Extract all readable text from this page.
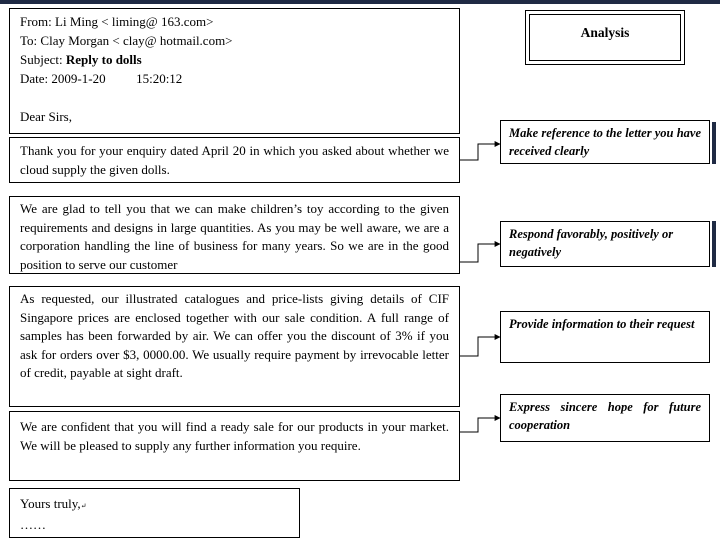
From: Li Ming < liming@ 163.com>
To: Clay Morgan < clay@ hotmail.com>
Subject: Reply to dolls
Date: 2009-1-20 15:20:12
Dear Sirs,

Thank you for your enquiry dated April 20 in which you asked about whether we cloud supply the given dolls.

We are glad to tell you that we can make children’s toy according to the given requirements and designs in large quantities. As you may be well aware, we are a corporation handling the line of business for many years. So we are in the good position to serve our customer

As requested, our illustrated catalogues and price-lists giving details of CIF Singapore prices are enclosed together with our sale condition. A full range of samples has been forwarded by air. We can offer you the discount of 3% if you ask for orders over $3, 0000.00. We usually require payment by irrevocable letter of credit, payable at sight draft.

We are confident that you will find a ready sale for our products in your market. We will be pleased to supply any further information you require.

Yours truly,↵
……
Analysis
Make reference to the letter you have received clearly
Respond favorably, positively or negatively
Provide information to their request
Express sincere hope for future cooperation
